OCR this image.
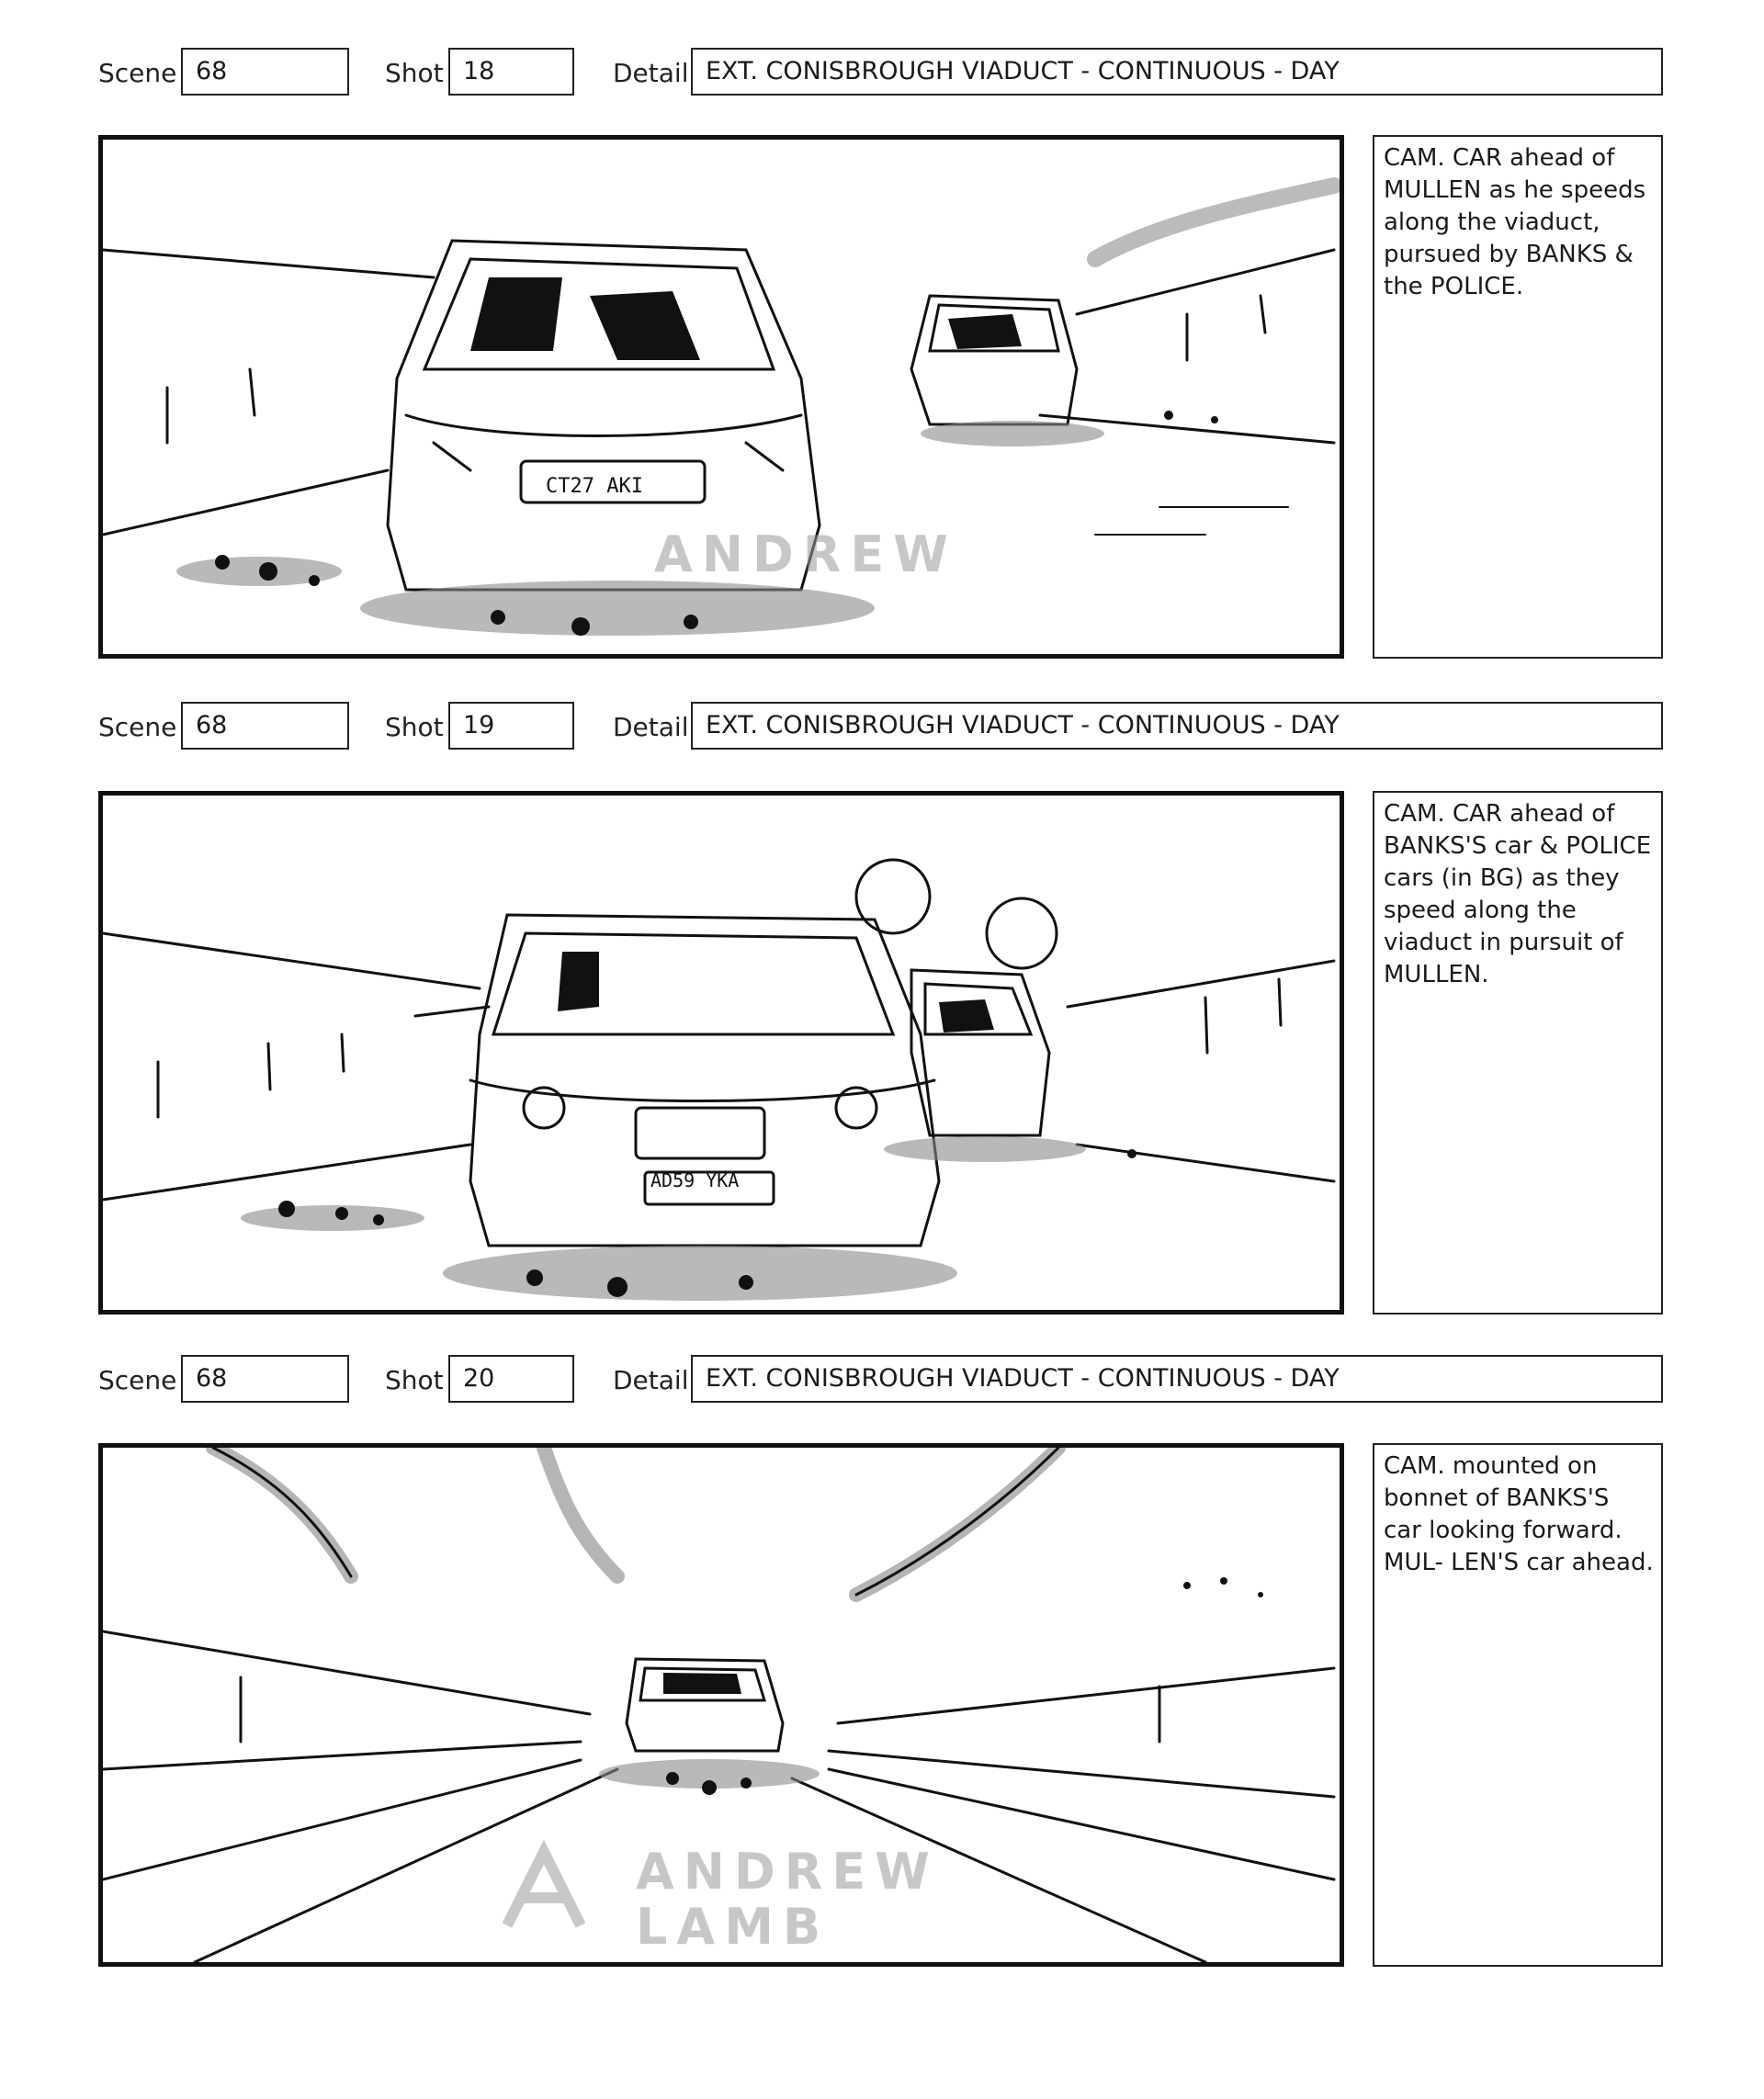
Scene 68	Shot 18	Detail EXT. CONISBROUGH VIADUCT - CONTINUOUS - DAY
CT27 AKI
ANDREW
CAM. CAR ahead of MULLEN as he speeds along the viaduct, pursued by BANKS & the POLICE.
Scene 68	Shot 19	Detail EXT. CONISBROUGH VIADUCT - CONTINUOUS - DAY
AD59 YKA
CAM. CAR ahead of BANKS'S car & POLICE cars (in BG) as they speed along the viaduct in pursuit of MULLEN.
Scene 68	Shot 20	Detail EXT. CONISBROUGH VIADUCT - CONTINUOUS - DAY
ANDREW
LAMB
CAM. mounted on bonnet of BANKS'S car looking forward. MUL- LEN'S car ahead.
